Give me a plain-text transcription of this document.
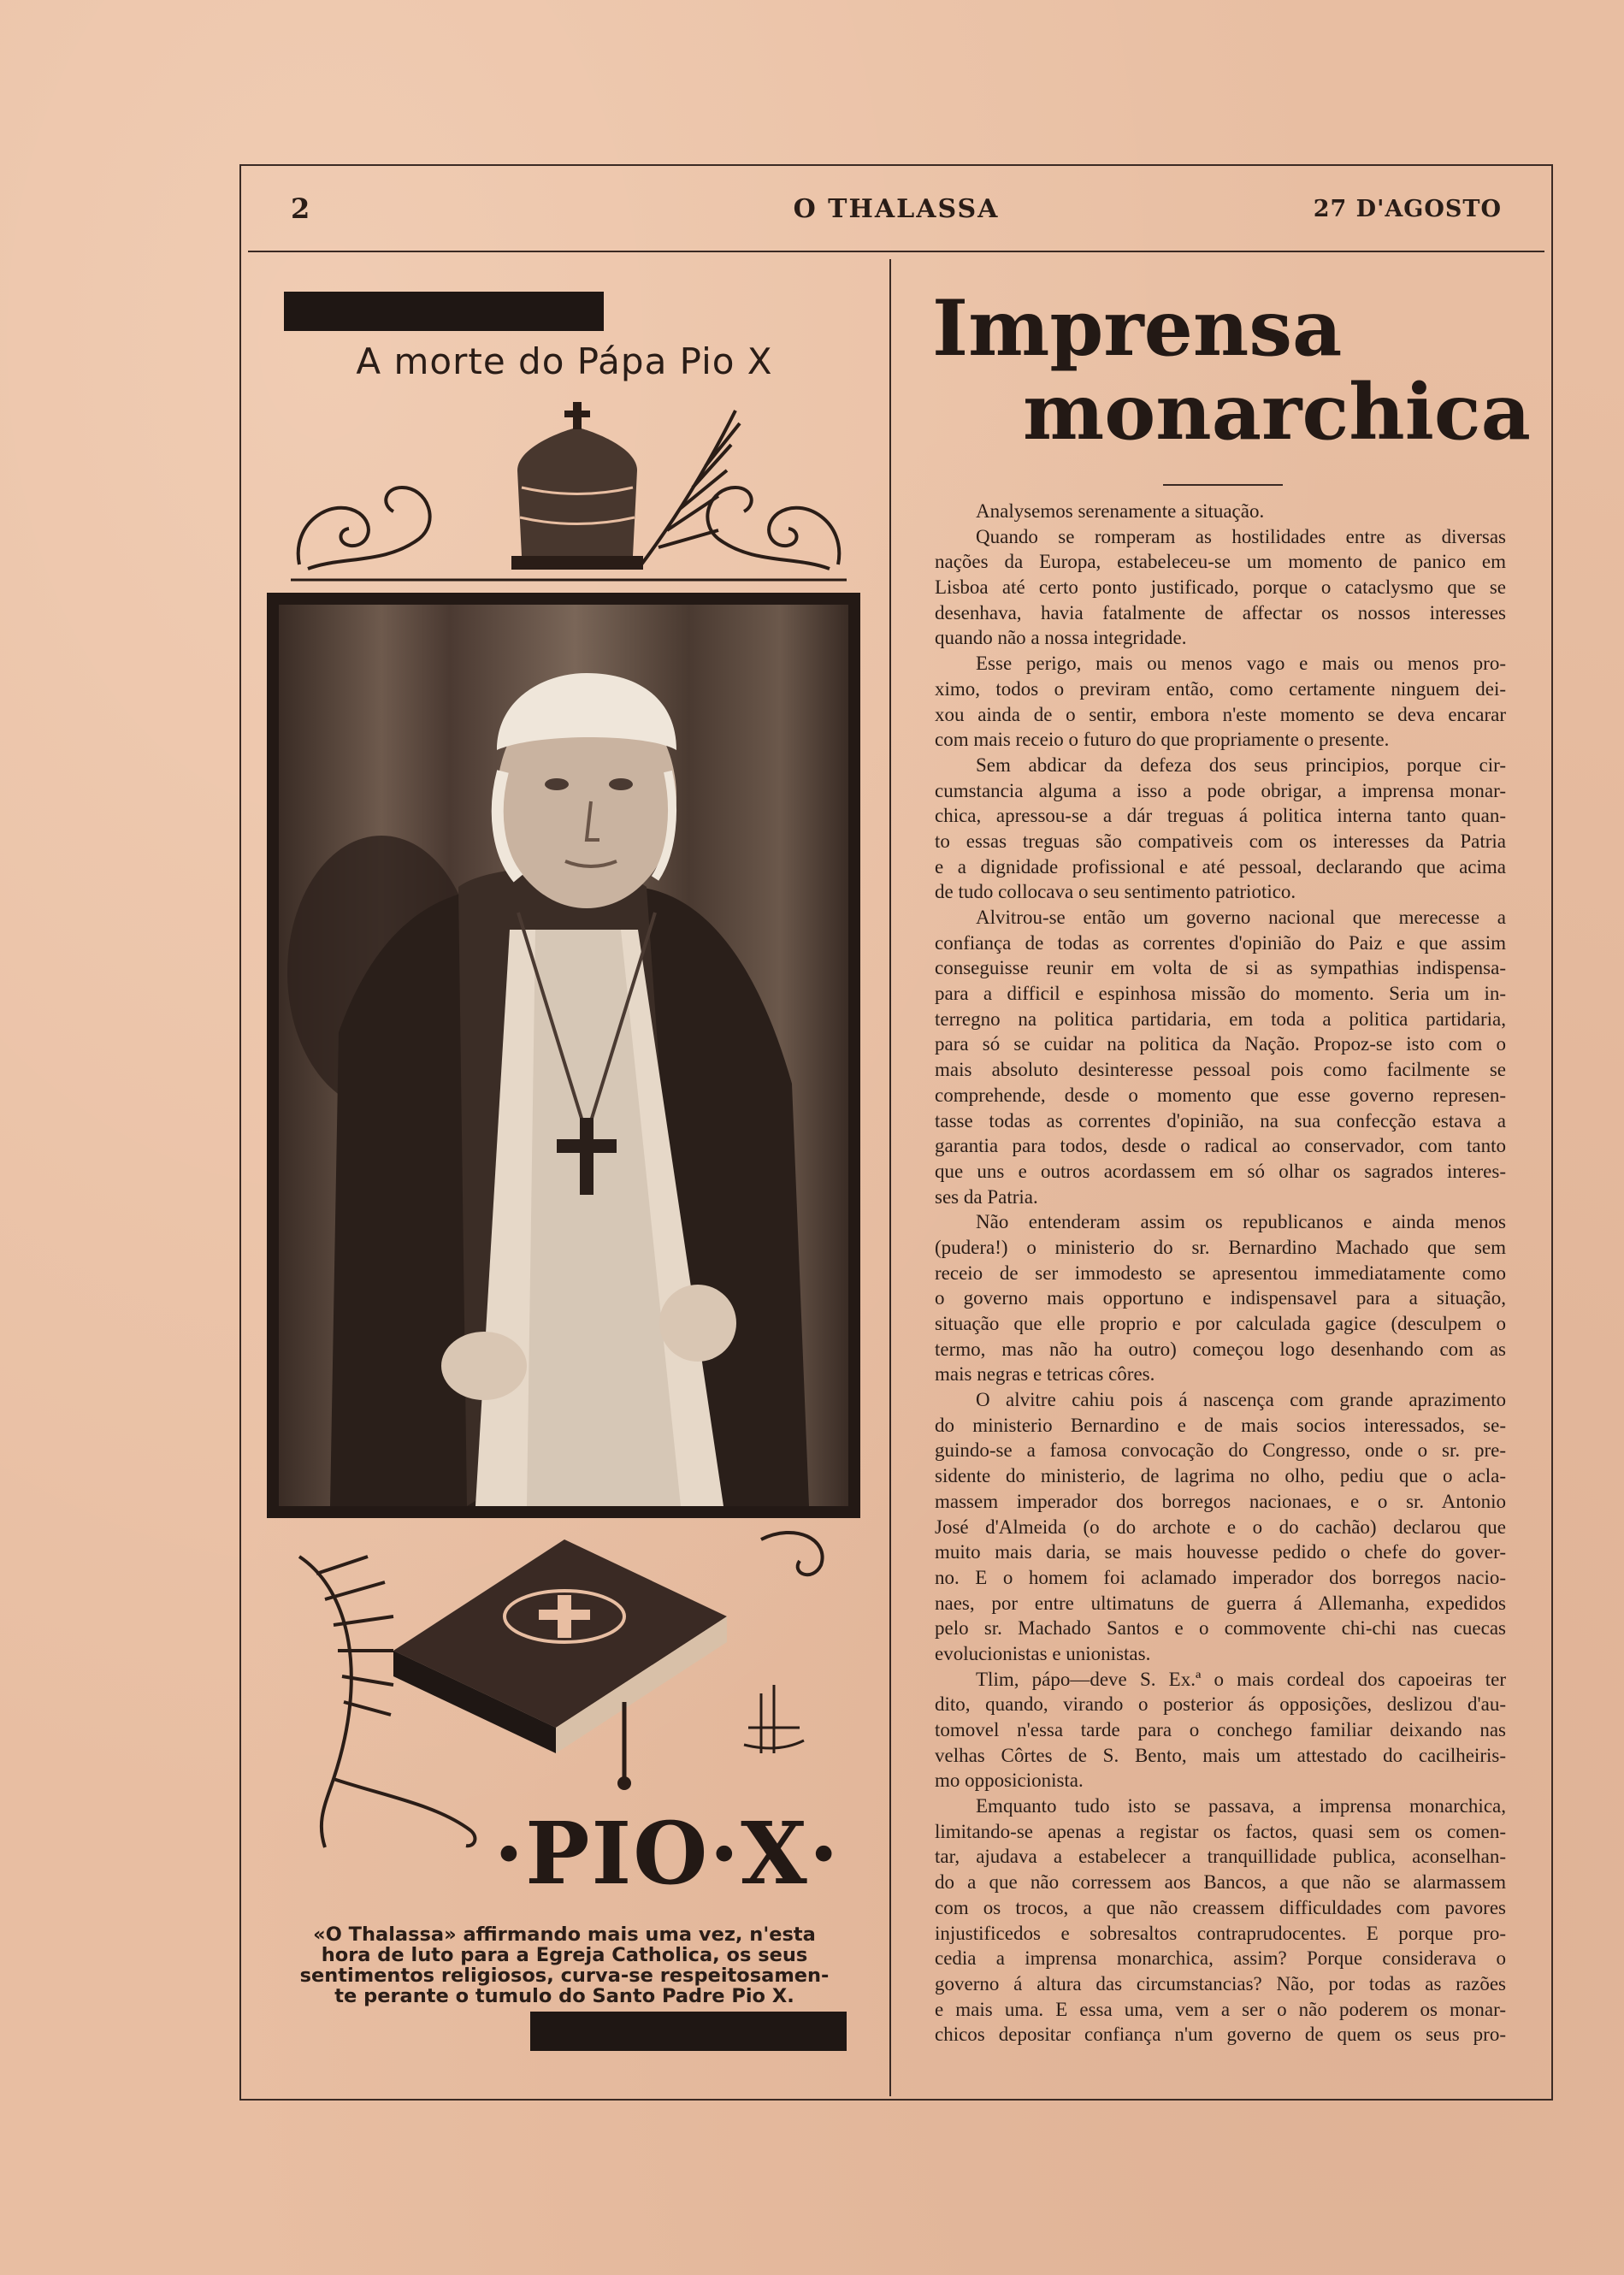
2	O THALASSA	27 D'AGOSTO
A morte do Pápa Pio X
·PIO·X·
«O Thalassa» affirmando mais uma vez, n'esta
hora de luto para a Egreja Catholica, os seus
sentimentos religiosos, curva-se respeitosamen-
te perante o tumulo do Santo Padre Pio X.
Imprensa
monarchica
Analysemos serenamente a situação.
Quando se romperam as hostilidades entre as diversas
nações da Europa, estabeleceu-se um momento de panico em
Lisboa até certo ponto justificado, porque o cataclysmo que se
desenhava, havia fatalmente de affectar os nossos interesses
quando não a nossa integridade.
Esse perigo, mais ou menos vago e mais ou menos pro-
ximo, todos o previram então, como certamente ninguem dei-
xou ainda de o sentir, embora n'este momento se deva encarar
com mais receio o futuro do que propriamente o presente.
Sem abdicar da defeza dos seus principios, porque cir-
cumstancia alguma a isso a pode obrigar, a imprensa monar-
chica, apressou-se a dár treguas á politica interna tanto quan-
to essas treguas são compativeis com os interesses da Patria
e a dignidade profissional e até pessoal, declarando que acima
de tudo collocava o seu sentimento patriotico.
Alvitrou-se então um governo nacional que merecesse a
confiança de todas as correntes d'opinião do Paiz e que assim
conseguisse reunir em volta de si as sympathias indispensa-
para a difficil e espinhosa missão do momento. Seria um in-
terregno na politica partidaria, em toda a politica partidaria,
para só se cuidar na politica da Nação. Propoz-se isto com o
mais absoluto desinteresse pessoal pois como facilmente se
comprehende, desde o momento que esse governo represen-
tasse todas as correntes d'opinião, na sua confecção estava a
garantia para todos, desde o radical ao conservador, com tanto
que uns e outros acordassem em só olhar os sagrados interes-
ses da Patria.
Não entenderam assim os republicanos e ainda menos
(pudera!) o ministerio do sr. Bernardino Machado que sem
receio de ser immodesto se apresentou immediatamente como
o governo mais opportuno e indispensavel para a situação,
situação que elle proprio e por calculada gagice (desculpem o
termo, mas não ha outro) começou logo desenhando com as
mais negras e tetricas côres.
O alvitre cahiu pois á nascença com grande aprazimento
do ministerio Bernardino e de mais socios interessados, se-
guindo-se a famosa convocação do Congresso, onde o sr. pre-
sidente do ministerio, de lagrima no olho, pediu que o acla-
massem imperador dos borregos nacionaes, e o sr. Antonio
José d'Almeida (o do archote e o do cachão) declarou que
muito mais daria, se mais houvesse pedido o chefe do gover-
no. E o homem foi aclamado imperador dos borregos nacio-
naes, por entre ultimatuns de guerra á Allemanha, expedidos
pelo sr. Machado Santos e o commovente chi-chi nas cuecas
evolucionistas e unionistas.
Tlim, pápo—deve S. Ex.ª o mais cordeal dos capoeiras ter
dito, quando, virando o posterior ás opposições, deslizou d'au-
tomovel n'essa tarde para o conchego familiar deixando nas
velhas Côrtes de S. Bento, mais um attestado do cacilheiris-
mo opposicionista.
Emquanto tudo isto se passava, a imprensa monarchica,
limitando-se apenas a registar os factos, quasi sem os comen-
tar, ajudava a estabelecer a tranquillidade publica, aconselhan-
do a que não corressem aos Bancos, a que não se alarmassem
com os trocos, a que não creassem difficuldades com pavores
injustificedos e sobresaltos contraprudocentes. E porque pro-
cedia a imprensa monarchica, assim? Porque considerava o
governo á altura das circumstancias? Não, por todas as razões
e mais uma. E essa uma, vem a ser o não poderem os monar-
chicos depositar confiança n'um governo de quem os seus pro-
